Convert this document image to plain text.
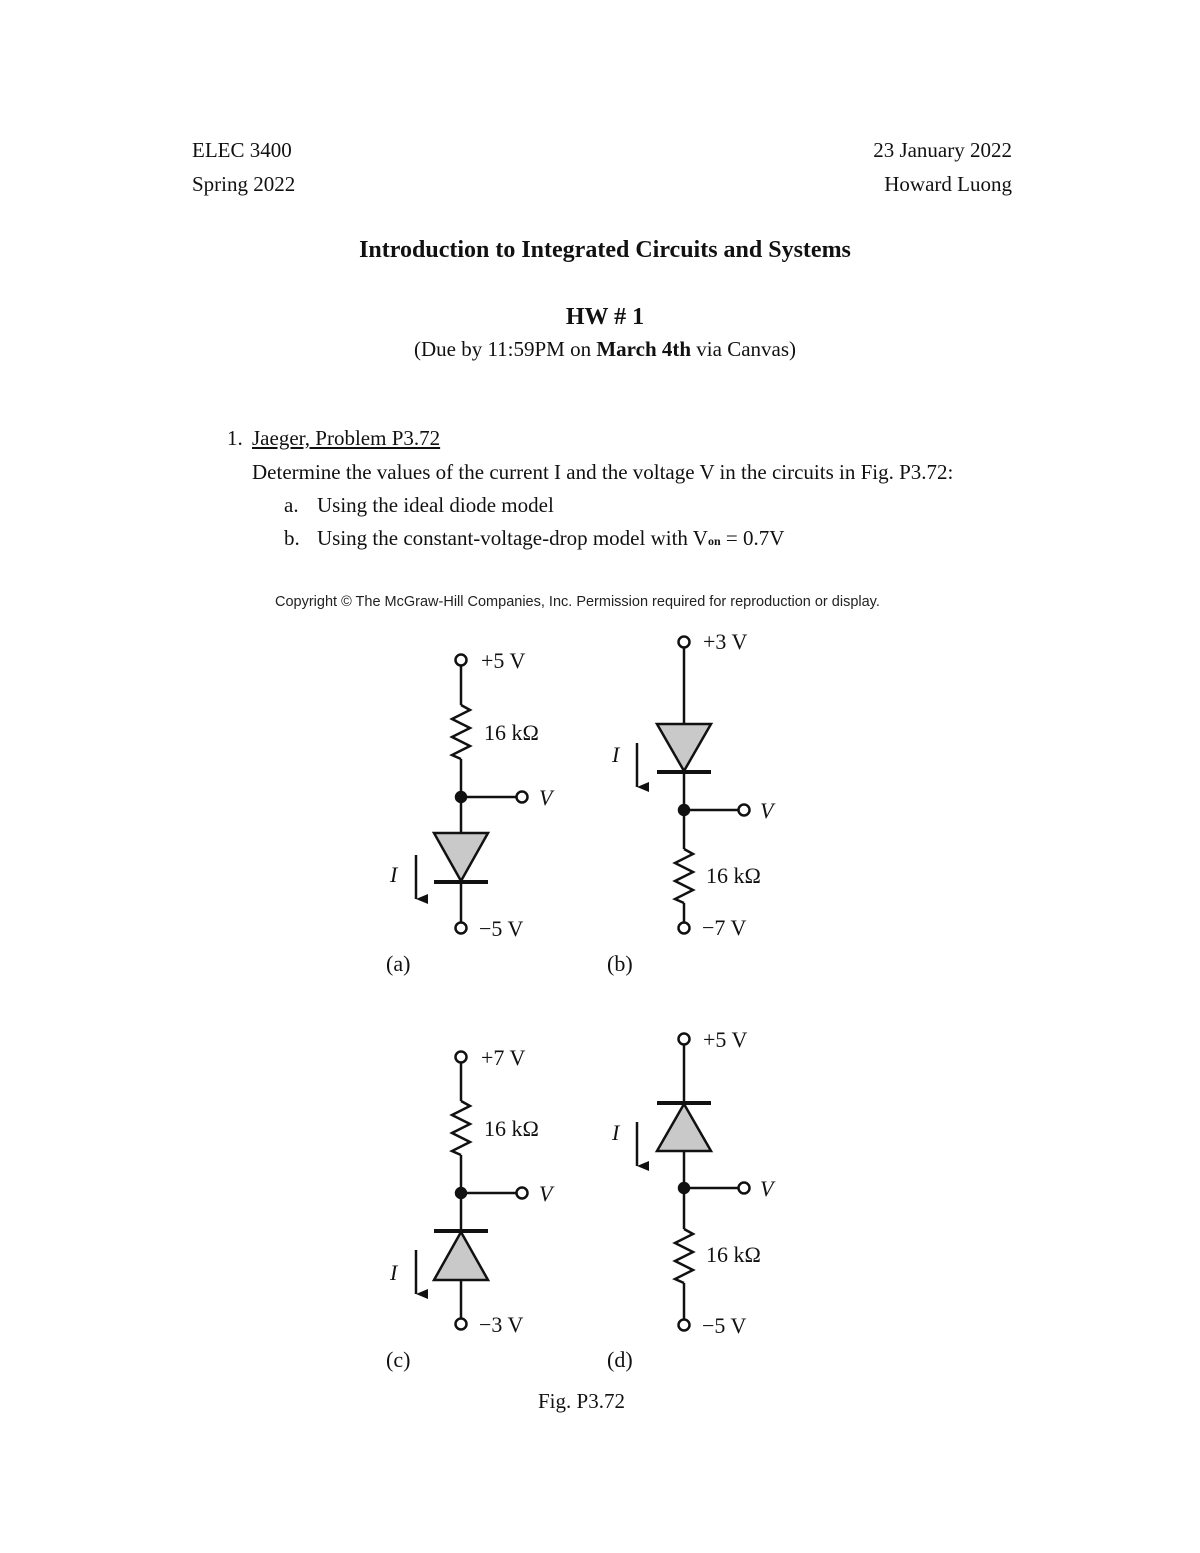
ELEC 3400
Spring 2022
23 January 2022
Howard Luong
Introduction to Integrated Circuits and Systems
HW # 1
(Due by 11:59PM on March 4th via Canvas)
1. Jaeger, Problem P3.72
Determine the values of the current I and the voltage V in the circuits in Fig. P3.72:
a. Using the ideal diode model
b. Using the constant-voltage-drop model with Von = 0.7V
Copyright © The McGraw-Hill Companies, Inc. Permission required for reproduction or display.
+5 V
16 kΩ
V
I
−5 V
(a)
+3 V
V
I
16 kΩ
−7 V
(b)
+7 V
16 kΩ
V
I
−3 V
(c)
+5 V
I
V
16 kΩ
−5 V
(d)
Fig. P3.72
